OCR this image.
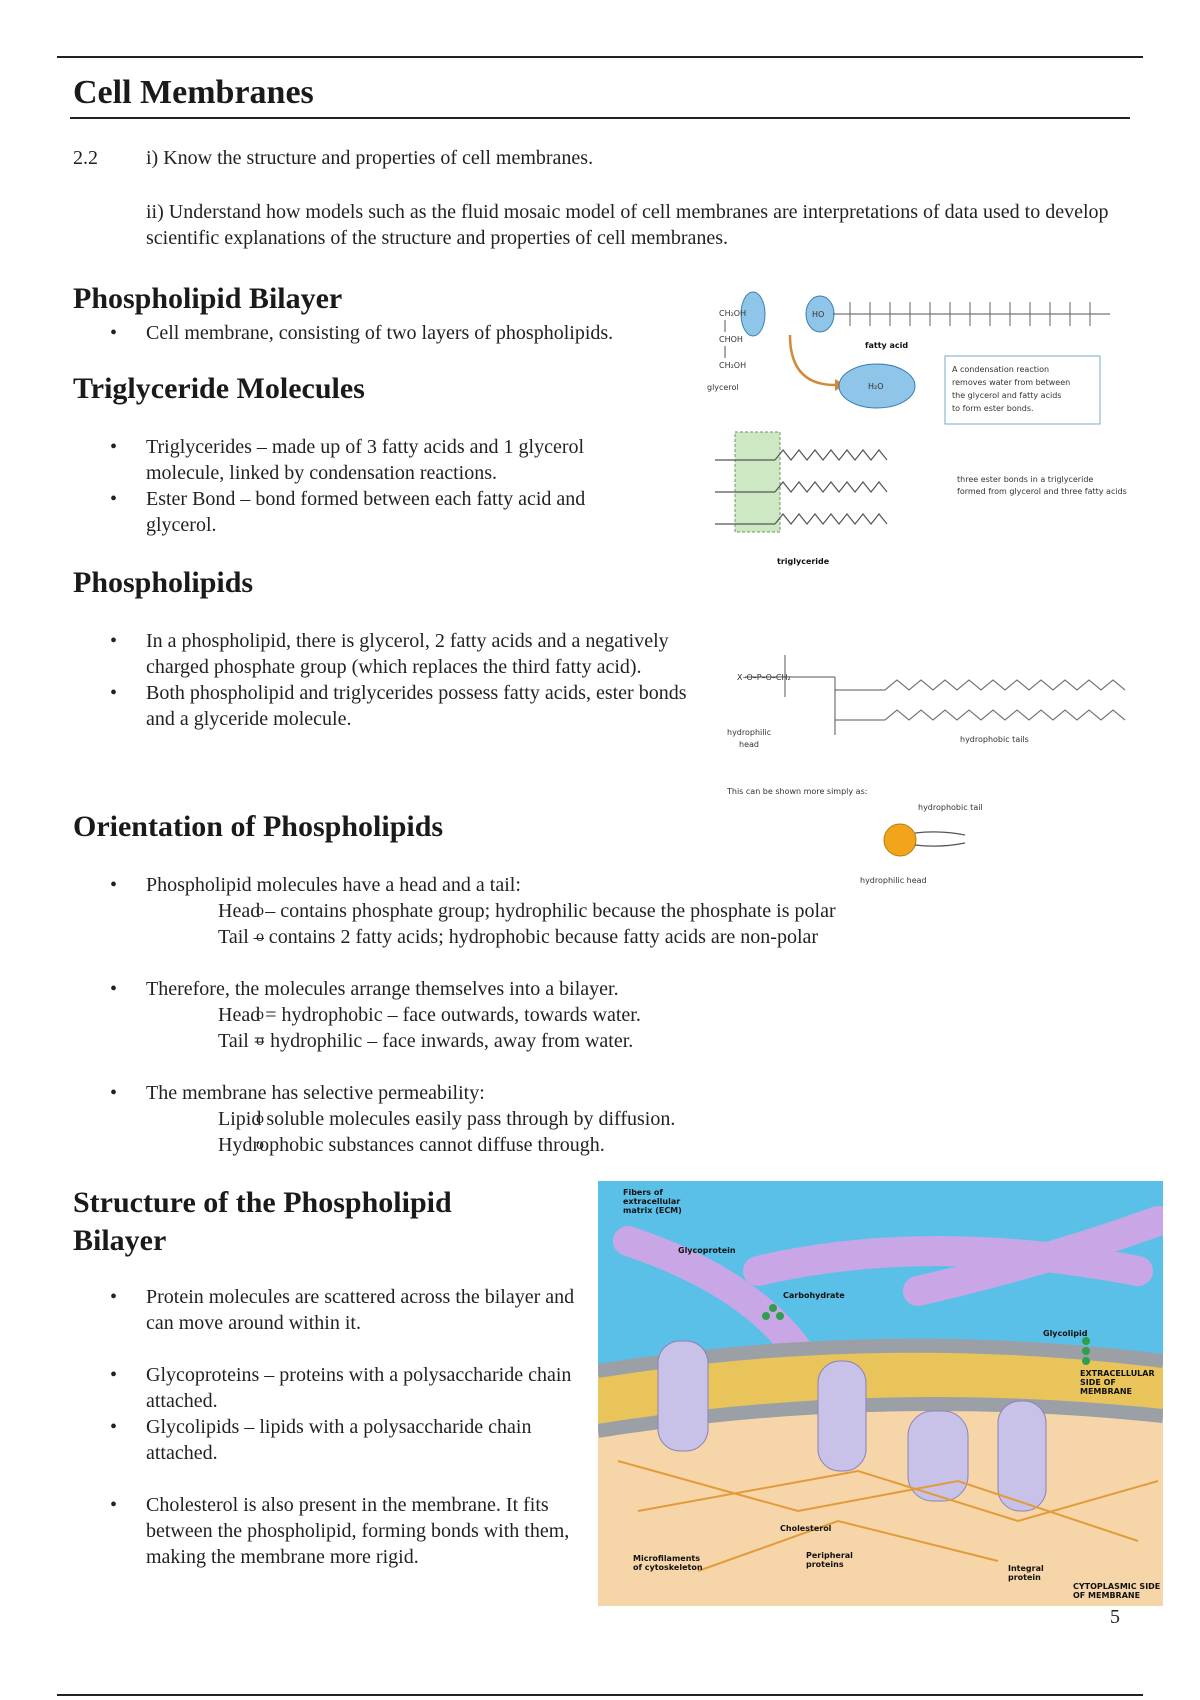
Cell Membranes
2.2 i) Know the structure and properties of cell membranes.
ii) Understand how models such as the fluid mosaic model of cell membranes are interpretations of data used to develop scientific explanations of the structure and properties of cell membranes.
Phospholipid Bilayer
• Cell membrane, consisting of two layers of phospholipids.
Triglyceride Molecules
• Triglycerides – made up of 3 fatty acids and 1 glycerol molecule, linked by condensation reactions.
• Ester Bond – bond formed between each fatty acid and glycerol.
Phospholipids
• In a phospholipid, there is glycerol, 2 fatty acids and a negatively charged phosphate group (which replaces the third fatty acid).
• Both phospholipid and triglycerides possess fatty acids, ester bonds and a glyceride molecule.
Orientation of Phospholipids
• Phospholipid molecules have a head and a tail:
o Head – contains phosphate group; hydrophilic because the phosphate is polar
o Tail – contains 2 fatty acids; hydrophobic because fatty acids are non-polar
• Therefore, the molecules arrange themselves into a bilayer.
o Head = hydrophobic – face outwards, towards water.
o Tail = hydrophilic – face inwards, away from water.
• The membrane has selective permeability:
o Lipid soluble molecules easily pass through by diffusion.
o Hydrophobic substances cannot diffuse through.
Structure of the Phospholipid
Bilayer
• Protein molecules are scattered across the bilayer and can move around within it.
• Glycoproteins – proteins with a polysaccharide chain attached.
• Glycolipids – lipids with a polysaccharide chain attached.
• Cholesterol is also present in the membrane. It fits between the phospholipid, forming bonds with them, making the membrane more rigid.
CH₂OH
CHOH
CH₂OH
glycerol
HO
fatty acid
H₂O
A condensation reaction
removes water from between
the glycerol and fatty acids
to form ester bonds.
three ester bonds in a triglyceride
formed from glycerol and three fatty acids
triglyceride
X–O–P–O–CH₂
hydrophilic
head
hydrophobic tails
This can be shown more simply as:
hydrophobic tail
hydrophilic head
Fibers of
extracellular
matrix (ECM)
Glycoprotein
Carbohydrate
Glycolipid
EXTRACELLULAR
SIDE OF
MEMBRANE
Cholesterol
Microfilaments
of cytoskeleton
Peripheral
proteins	Integral
protein
CYTOPLASMIC SIDE
OF MEMBRANE
5
